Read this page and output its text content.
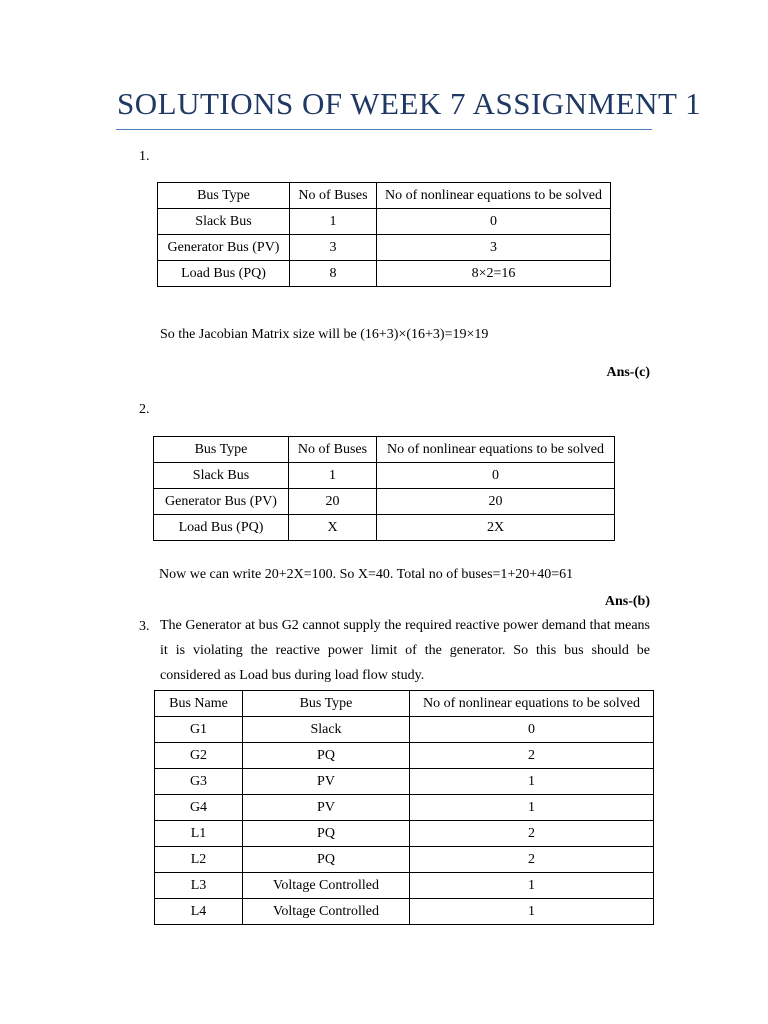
SOLUTIONS OF WEEK 7 ASSIGNMENT 1
1.
Bus Type	No of Buses	No of nonlinear equations to be solved
Slack Bus	1	0
Generator Bus (PV)	3	3
Load Bus (PQ)	8	8×2=16
So the Jacobian Matrix size will be (16+3)×(16+3)=19×19
Ans-(c)
2.
Bus Type	No of Buses	No of nonlinear equations to be solved
Slack Bus	1	0
Generator Bus (PV)	20	20
Load Bus (PQ)	X	2X
Now we can write 20+2X=100. So X=40. Total no of buses=1+20+40=61
Ans-(b)
3. The Generator at bus G2 cannot supply the required reactive power demand that means it is violating the reactive power limit of the generator. So this bus should be considered as Load bus during load flow study.
Bus Name	Bus Type	No of nonlinear equations to be solved
G1	Slack	0
G2	PQ	2
G3	PV	1
G4	PV	1
L1	PQ	2
L2	PQ	2
L3	Voltage Controlled	1
L4	Voltage Controlled	1
